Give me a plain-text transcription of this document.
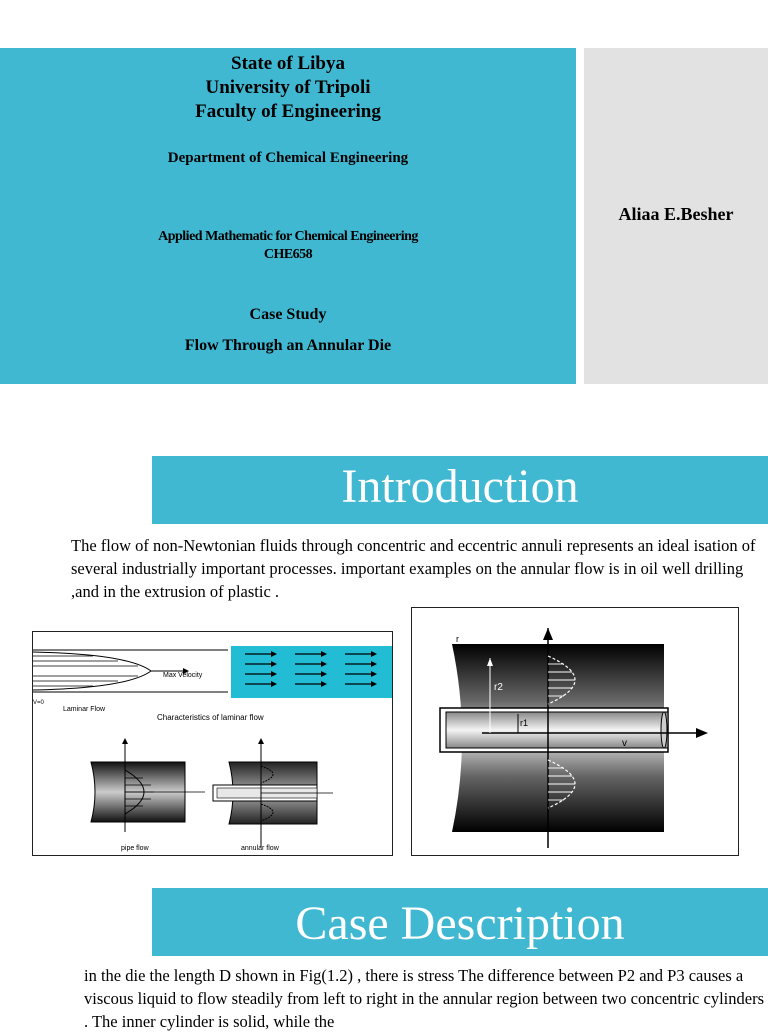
State of Libya
University of Tripoli
Faculty of Engineering
Department of Chemical Engineering
Applied Mathematic for Chemical Engineering
CHE658
Case Study
Flow Through an Annular Die
Aliaa E.Besher
Introduction
The flow of non-Newtonian fluids through concentric and eccentric annuli represents an ideal isation of several industrially important processes. important examples on the annular flow is in oil well drilling ,and in the extrusion of plastic .
Max Velocity
V=0
Laminar Flow
Characteristics of laminar flow
pipe flow	annular flow
r
r2
r1
v
Case Description
in the die the length D shown in Fig(1.2) , there is stress The difference between P2 and P3 causes a viscous liquid to flow steadily from left to right in the annular region between two concentric cylinders . The inner cylinder is solid, while the
